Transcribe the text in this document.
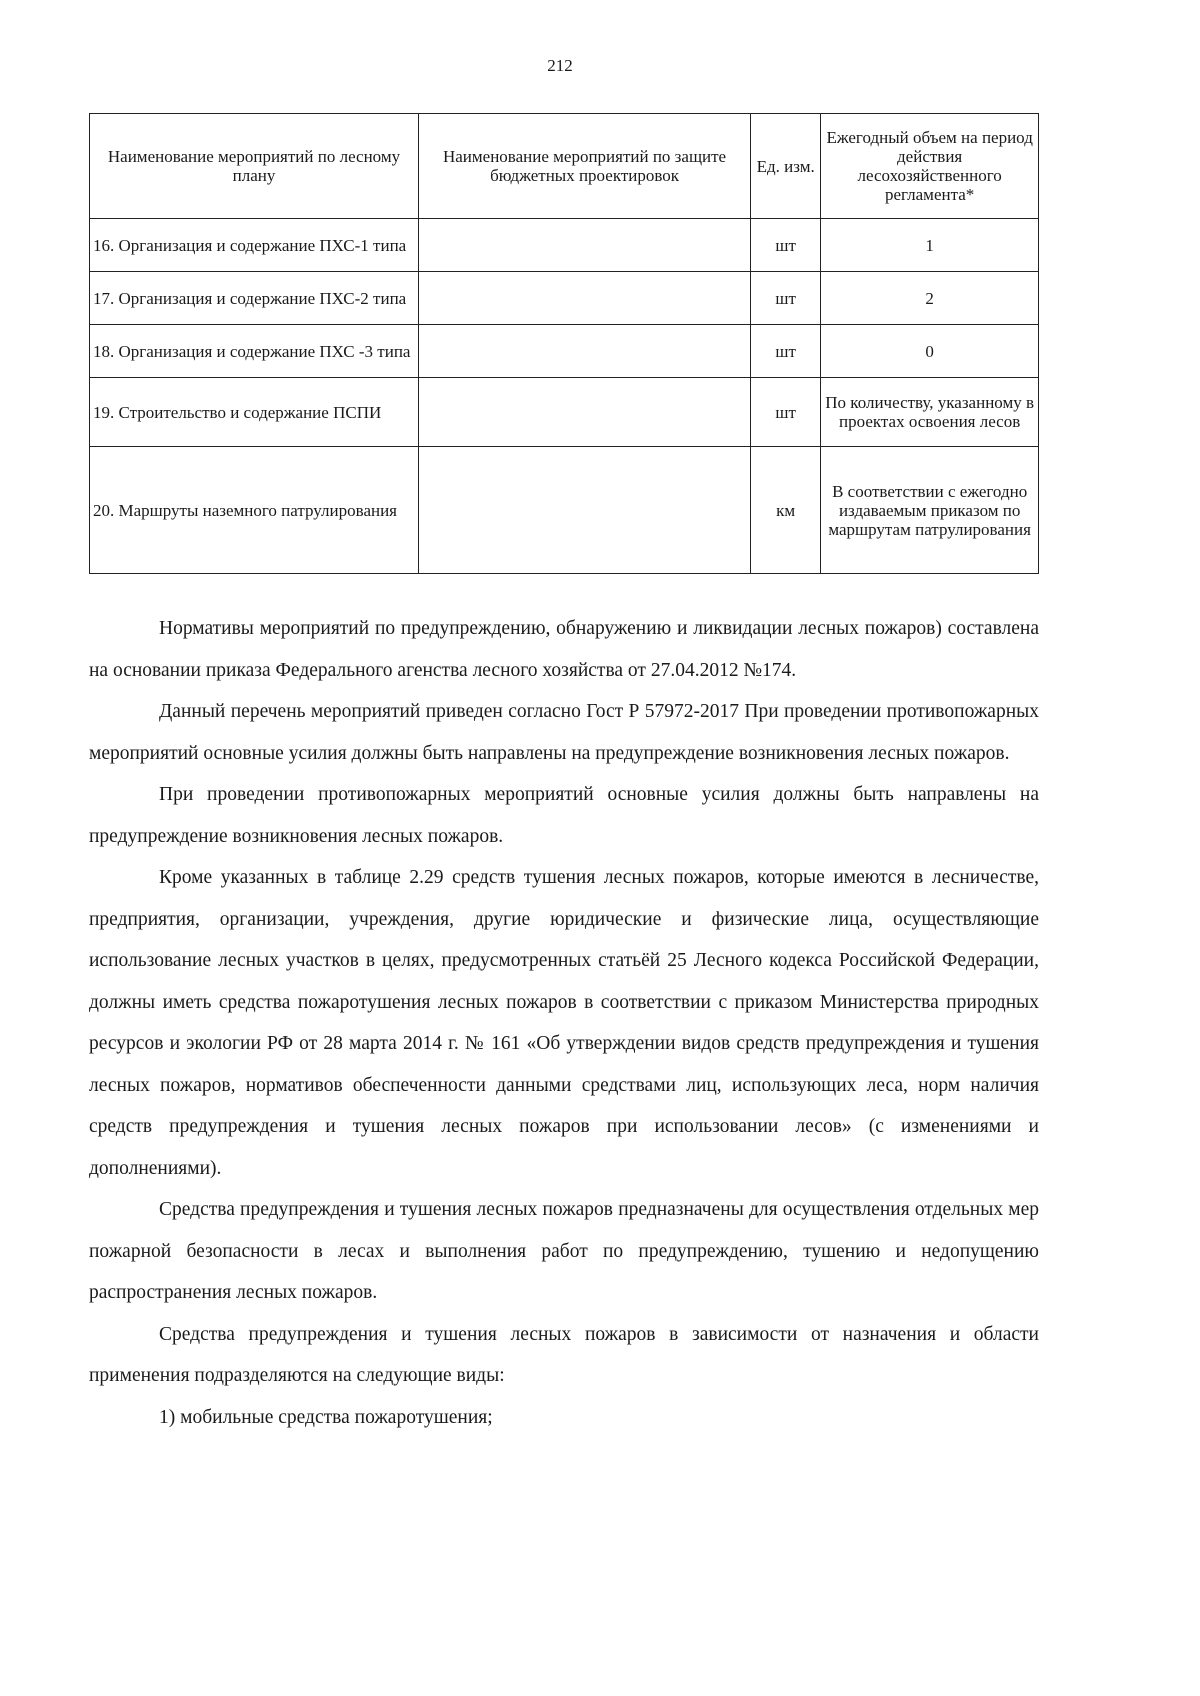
212
Наименование мероприятий по лесному плану	Наименование мероприятий по защите бюджетных проектировок	Ед. изм.	Ежегодный объем на период действия лесохозяйственного регламента*
16. Организация и содержание ПХС-1 типа		шт	1
17. Организация и содержание ПХС-2 типа		шт	2
18. Организация и содержание ПХС -3 типа		шт	0
19. Строительство и содержание ПСПИ		шт	По количеству, указанному в проектах освоения лесов
20. Маршруты наземного патрулирования		км	В соответствии с ежегодно издаваемым приказом по маршрутам патрулирования

Нормативы мероприятий по предупреждению, обнаружению и ликвидации лесных пожаров) составлена на основании приказа Федерального агенства лесного хозяйства от 27.04.2012 №174.

Данный перечень мероприятий приведен согласно Гост Р 57972-2017 При проведении противопожарных мероприятий основные усилия должны быть направлены на предупреждение возникновения лесных пожаров.

При проведении противопожарных мероприятий основные усилия должны быть направлены на предупреждение возникновения лесных пожаров.

Кроме указанных в таблице 2.29 средств тушения лесных пожаров, которые имеются в лесничестве, предприятия, организации, учреждения, другие юридические и физические лица, осуществляющие использование лесных участков в целях, предусмотренных статьёй 25 Лесного кодекса Российской Федерации, должны иметь средства пожаротушения лесных пожаров в соответствии с приказом Министерства природных ресурсов и экологии РФ от 28 марта 2014 г. № 161 «Об утверждении видов средств предупреждения и тушения лесных пожаров, нормативов обеспеченности данными средствами лиц, использующих леса, норм наличия средств предупреждения и тушения лесных пожаров при использовании лесов» (с изменениями и дополнениями).

Средства предупреждения и тушения лесных пожаров предназначены для осуществления отдельных мер пожарной безопасности в лесах и выполнения работ по предупреждению, тушению и недопущению распространения лесных пожаров.

Средства предупреждения и тушения лесных пожаров в зависимости от назначения и области применения подразделяются на следующие виды:

1) мобильные средства пожаротушения;
